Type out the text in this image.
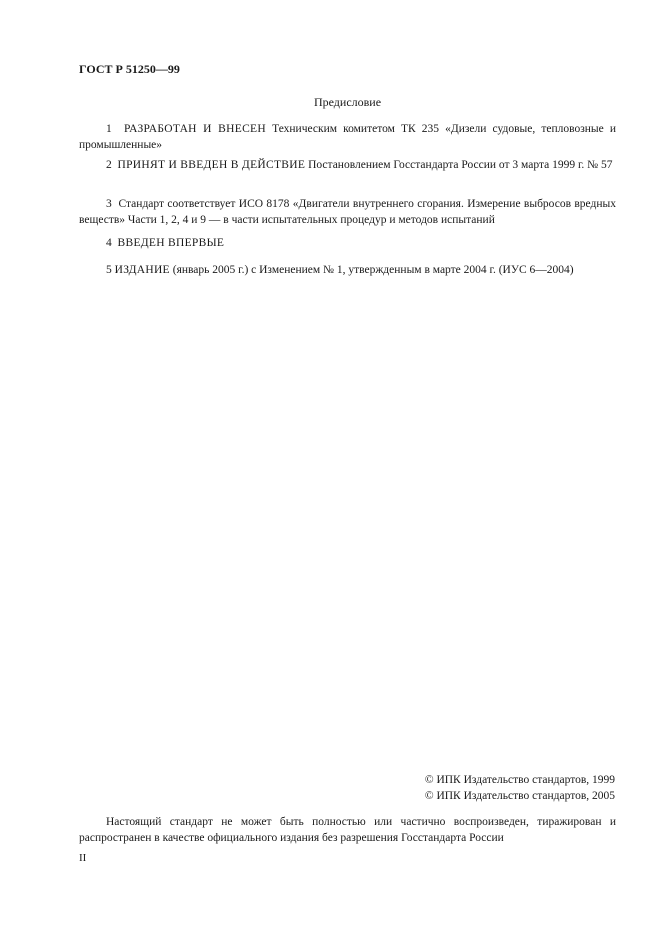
ГОСТ Р 51250—99
Предисловие
1 РАЗРАБОТАН И ВНЕСЕН Техническим комитетом ТК 235 «Дизели судовые, тепловозные и промышленные»
2 ПРИНЯТ И ВВЕДЕН В ДЕЙСТВИЕ Постановлением Госстандарта России от 3 марта 1999 г. № 57
3 Стандарт соответствует ИСО 8178 «Двигатели внутреннего сгорания. Измерение выбросов вредных веществ» Части 1, 2, 4 и 9 — в части испытательных процедур и методов испытаний
4 ВВЕДЕН ВПЕРВЫЕ
5 ИЗДАНИЕ (январь 2005 г.) с Изменением № 1, утвержденным в марте 2004 г. (ИУС 6—2004)
© ИПК Издательство стандартов, 1999
© ИПК Издательство стандартов, 2005
Настоящий стандарт не может быть полностью или частично воспроизведен, тиражирован и распространен в качестве официального издания без разрешения Госстандарта России
II
